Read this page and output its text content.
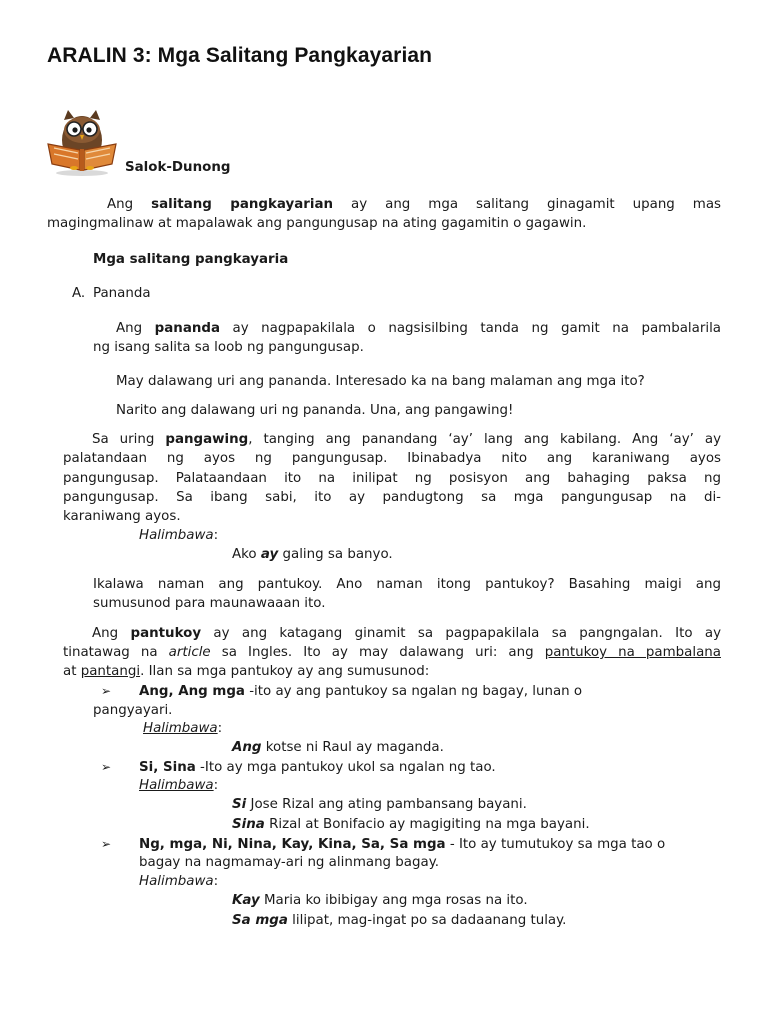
ARALIN 3: Mga Salitang Pangkayarian
Salok-Dunong
Ang salitang pangkayarian ay ang mga salitang ginagamit upang mas
magingmalinaw at mapalawak ang pangungusap na ating gagamitin o gagawin.
Mga salitang pangkayaria
A. Pananda
Ang pananda ay nagpapakilala o nagsisilbing tanda ng gamit na pambalarila
ng isang salita sa loob ng pangungusap.
May dalawang uri ang pananda. Interesado ka na bang malaman ang mga ito?
Narito ang dalawang uri ng pananda. Una, ang pangawing!
Sa uring pangawing, tanging ang panandang ‘ay’ lang ang kabilang. Ang ‘ay’ ay
palatandaan ng ayos ng pangungusap. Ibinabadya nito ang karaniwang ayos
pangungusap. Palataandaan ito na inilipat ng posisyon ang bahaging paksa ng
pangungusap. Sa ibang sabi, ito ay pandugtong sa mga pangungusap na di-
karaniwang ayos.
Halimbawa:
Ako ay galing sa banyo.
Ikalawa naman ang pantukoy. Ano naman itong pantukoy? Basahing maigi ang
sumusunod para maunawaaan ito.
Ang pantukoy ay ang katagang ginamit sa pagpapakilala sa pangngalan. Ito ay
tinatawag na article sa Ingles. Ito ay may dalawang uri: ang pantukoy na pambalana
at pantangi. Ilan sa mga pantukoy ay ang sumusunod:
➢ Ang, Ang mga -ito ay ang pantukoy sa ngalan ng bagay, lunan o
pangyayari.
Halimbawa:
Ang kotse ni Raul ay maganda.
➢ Si, Sina -Ito ay mga pantukoy ukol sa ngalan ng tao.
Halimbawa:
Si Jose Rizal ang ating pambansang bayani.
Sina Rizal at Bonifacio ay magigiting na mga bayani.
➢ Ng, mga, Ni, Nina, Kay, Kina, Sa, Sa mga - Ito ay tumutukoy sa mga tao o
bagay na nagmamay-ari ng alinmang bagay.
Halimbawa:
Kay Maria ko ibibigay ang mga rosas na ito.
Sa mga lilipat, mag-ingat po sa dadaanang tulay.
